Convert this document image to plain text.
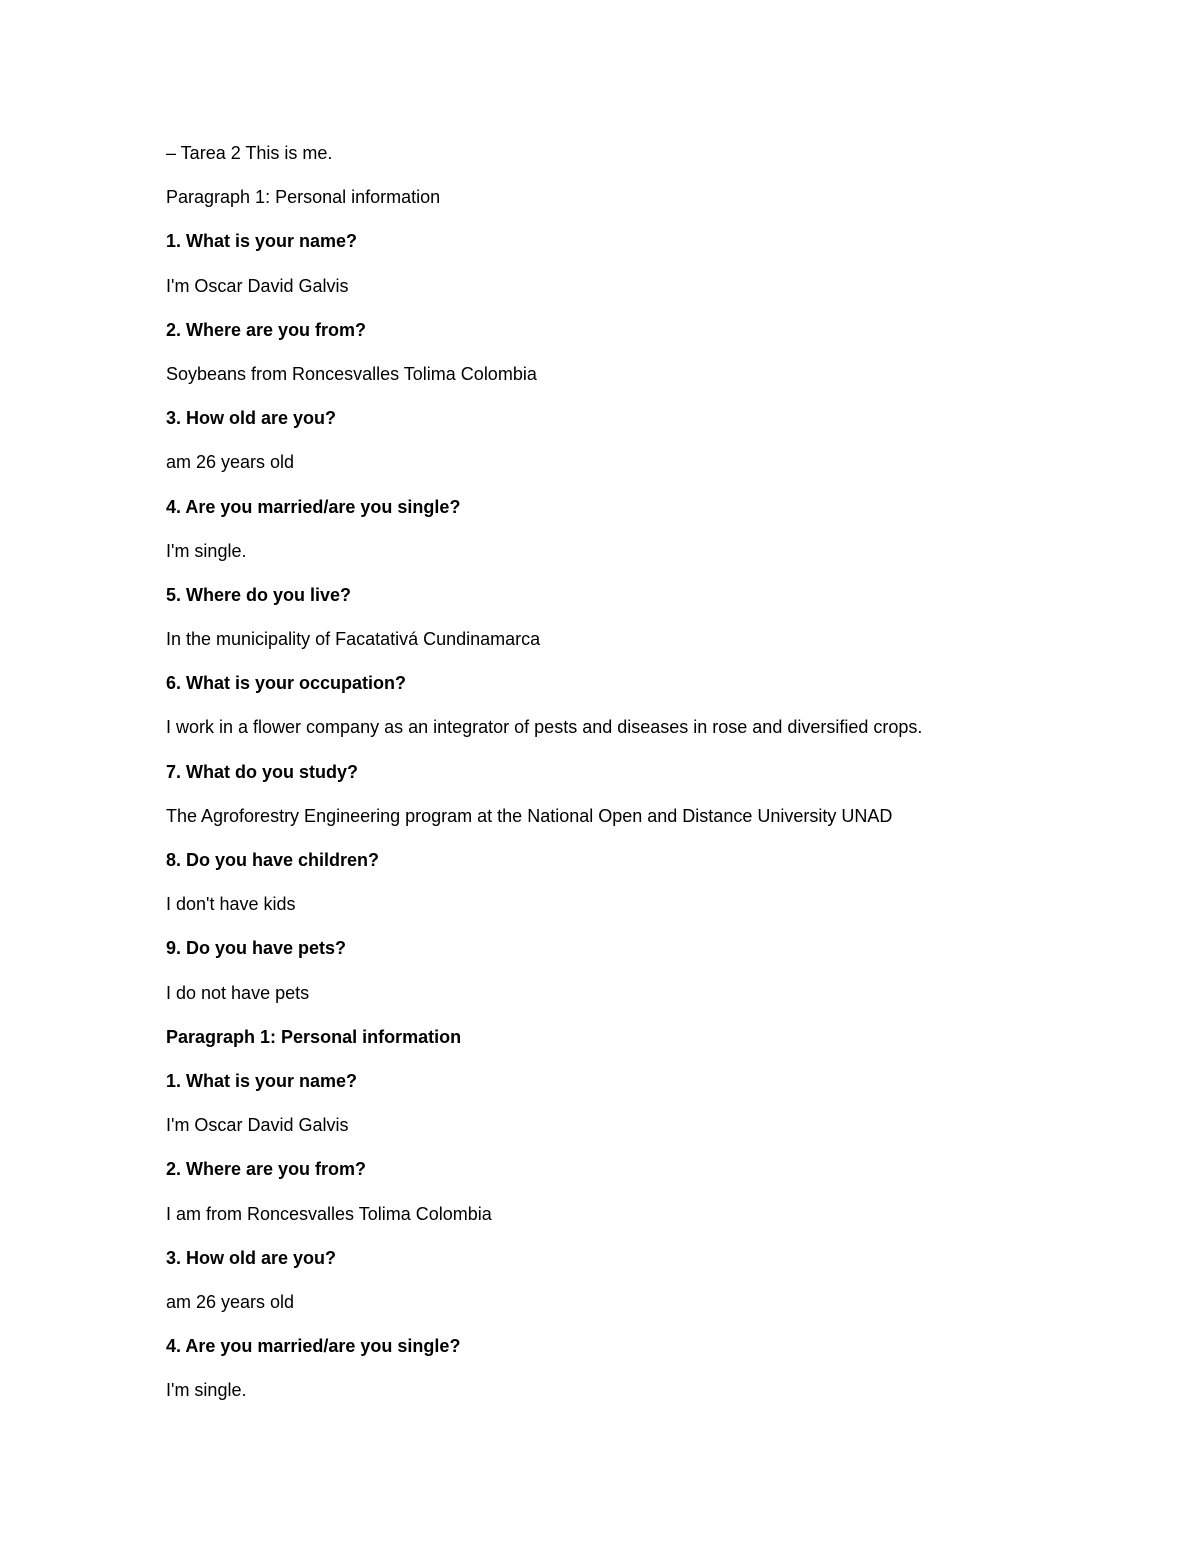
– Tarea 2 This is me.
Paragraph 1: Personal information
1. What is your name?
I'm Oscar David Galvis
2. Where are you from?
Soybeans from Roncesvalles Tolima Colombia
3. How old are you?
am 26 years old
4. Are you married/are you single?
I'm single.
5. Where do you live?
In the municipality of Facatativá Cundinamarca
6. What is your occupation?
I work in a flower company as an integrator of pests and diseases in rose and diversified crops.
7. What do you study?
The Agroforestry Engineering program at the National Open and Distance University UNAD
8. Do you have children?
I don't have kids
9. Do you have pets?
I do not have pets
Paragraph 1: Personal information
1. What is your name?
I'm Oscar David Galvis
2. Where are you from?
I am from Roncesvalles Tolima Colombia
3. How old are you?
am 26 years old
4. Are you married/are you single?
I'm single.
